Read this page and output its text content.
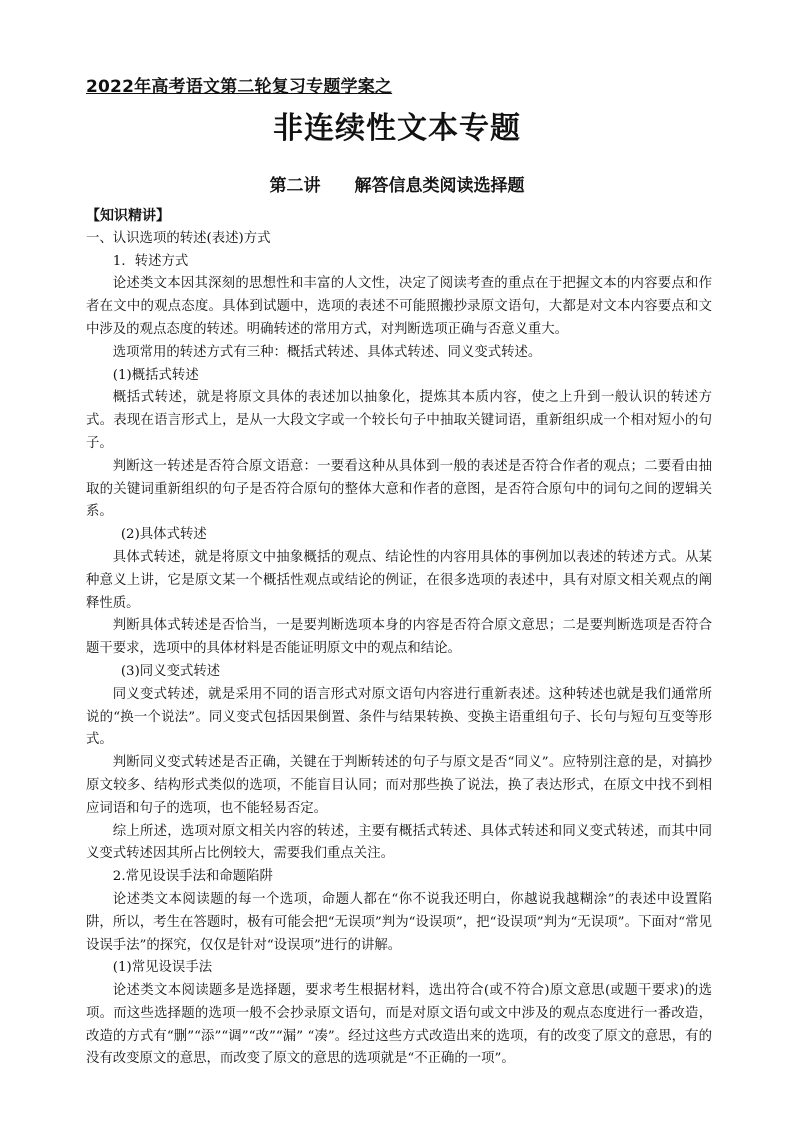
2022年高考语文第二轮复习专题学案之
非连续性文本专题
第二讲 解答信息类阅读选择题

【知识精讲】

一、认识选项的转述(表述)方式

1．转述方式

论述类文本因其深刻的思想性和丰富的人文性，决定了阅读考查的重点在于把握文本的内容要点和作者在文中的观点态度。具体到试题中，选项的表述不可能照搬抄录原文语句，大都是对文本内容要点和文中涉及的观点态度的转述。明确转述的常用方式，对判断选项正确与否意义重大。

选项常用的转述方式有三种：概括式转述、具体式转述、同义变式转述。

(1)概括式转述

概括式转述，就是将原文具体的表述加以抽象化，提炼其本质内容，使之上升到一般认识的转述方式。表现在语言形式上，是从一大段文字或一个较长句子中抽取关键词语，重新组织成一个相对短小的句子。

判断这一转述是否符合原文语意：一要看这种从具体到一般的表述是否符合作者的观点；二要看由抽取的关键词重新组织的句子是否符合原句的整体大意和作者的意图，是否符合原句中的词句之间的逻辑关系。

(2)具体式转述

具体式转述，就是将原文中抽象概括的观点、结论性的内容用具体的事例加以表述的转述方式。从某种意义上讲，它是原文某一个概括性观点或结论的例证，在很多选项的表述中，具有对原文相关观点的阐释性质。

判断具体式转述是否恰当，一是要判断选项本身的内容是否符合原文意思；二是要判断选项是否符合题干要求，选项中的具体材料是否能证明原文中的观点和结论。

(3)同义变式转述

同义变式转述，就是采用不同的语言形式对原文语句内容进行重新表述。这种转述也就是我们通常所说的“换一个说法”。同义变式包括因果倒置、条件与结果转换、变换主语重组句子、长句与短句互变等形式。

判断同义变式转述是否正确，关键在于判断转述的句子与原文是否“同义”。应特别注意的是，对搞抄原文较多、结构形式类似的选项，不能盲目认同；而对那些换了说法，换了表达形式，在原文中找不到相应词语和句子的选项，也不能轻易否定。

综上所述，选项对原文相关内容的转述，主要有概括式转述、具体式转述和同义变式转述，而其中同义变式转述因其所占比例较大，需要我们重点关注。

2.常见设误手法和命题陷阱

论述类文本阅读题的每一个选项，命题人都在“你不说我还明白，你越说我越糊涂”的表述中设置陷阱，所以，考生在答题时，极有可能会把“无误项”判为“设误项”，把“设误项”判为“无误项”。下面对“常见设误手法”的探究，仅仅是针对“设误项”进行的讲解。

(1)常见设误手法

论述类文本阅读题多是选择题，要求考生根据材料，选出符合(或不符合)原文意思(或题干要求)的选项。而这些选择题的选项一般不会抄录原文语句，而是对原文语句或文中涉及的观点态度进行一番改造，改造的方式有“删”“添”“调”“改”“漏” “凑”。经过这些方式改造出来的选项，有的改变了原文的意思，有的没有改变原文的意思，而改变了原文的意思的选项就是“不正确的一项”。
